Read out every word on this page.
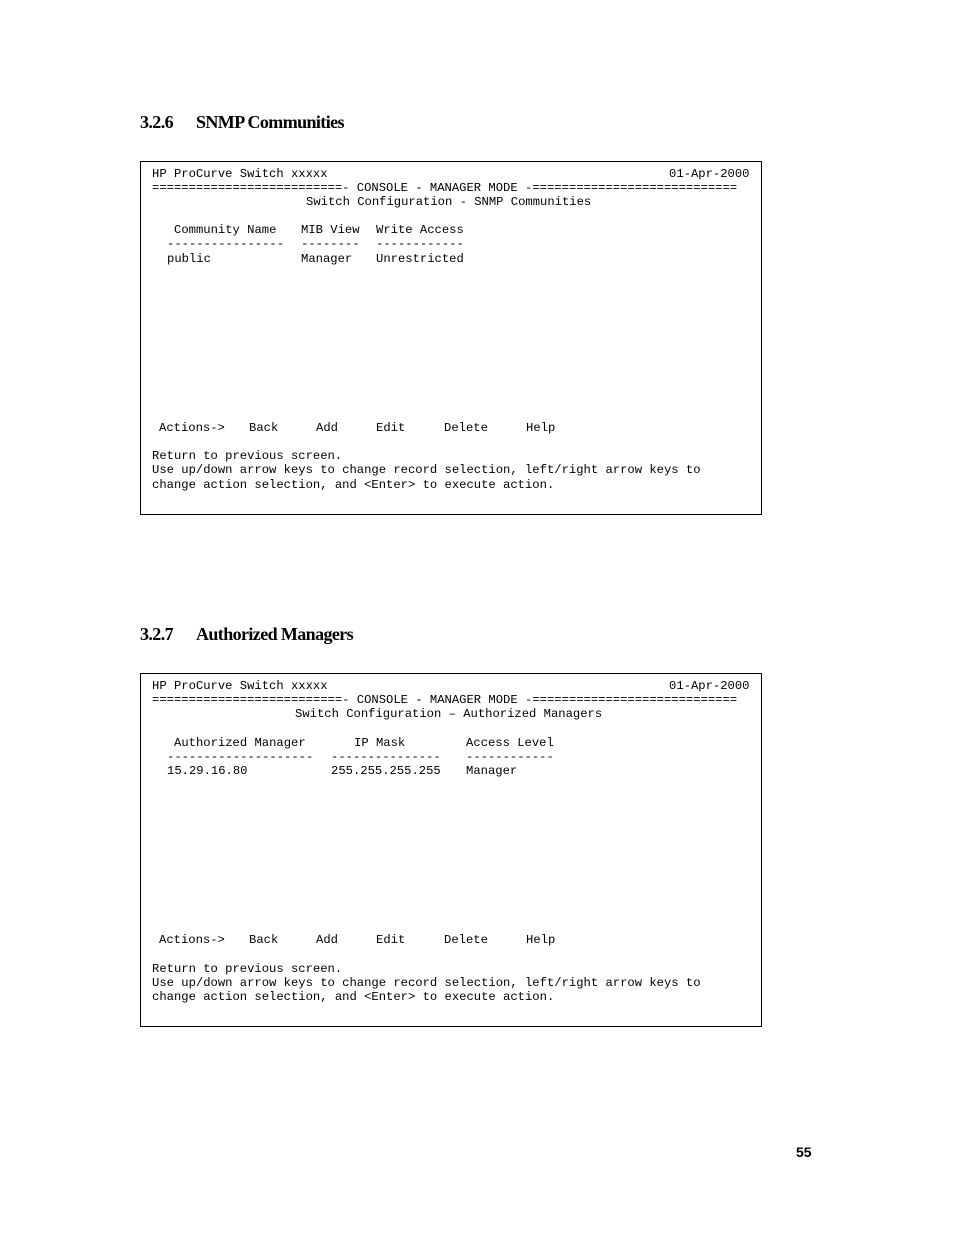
3.2.6 SNMP Communities
HP ProCurve Switch xxxxx	01-Apr-2000
==========================- CONSOLE - MANAGER MODE -============================
Switch Configuration - SNMP Communities
Community Name MIB View Write Access
---------------- -------- ------------
public	Manager Unrestricted
Actions-> Back	Add	Edit	Delete	Help
Return to previous screen.
Use up/down arrow keys to change record selection, left/right arrow keys to
change action selection, and <Enter> to execute action.
3.2.7 Authorized Managers
HP ProCurve Switch xxxxx	01-Apr-2000
==========================- CONSOLE - MANAGER MODE -============================
Switch Configuration – Authorized Managers
Authorized Manager	IP Mask	Access Level
-------------------- --------------- ------------
15.29.16.80	255.255.255.255 Manager
Actions-> Back	Add	Edit	Delete	Help
Return to previous screen.
Use up/down arrow keys to change record selection, left/right arrow keys to
change action selection, and <Enter> to execute action.
55
